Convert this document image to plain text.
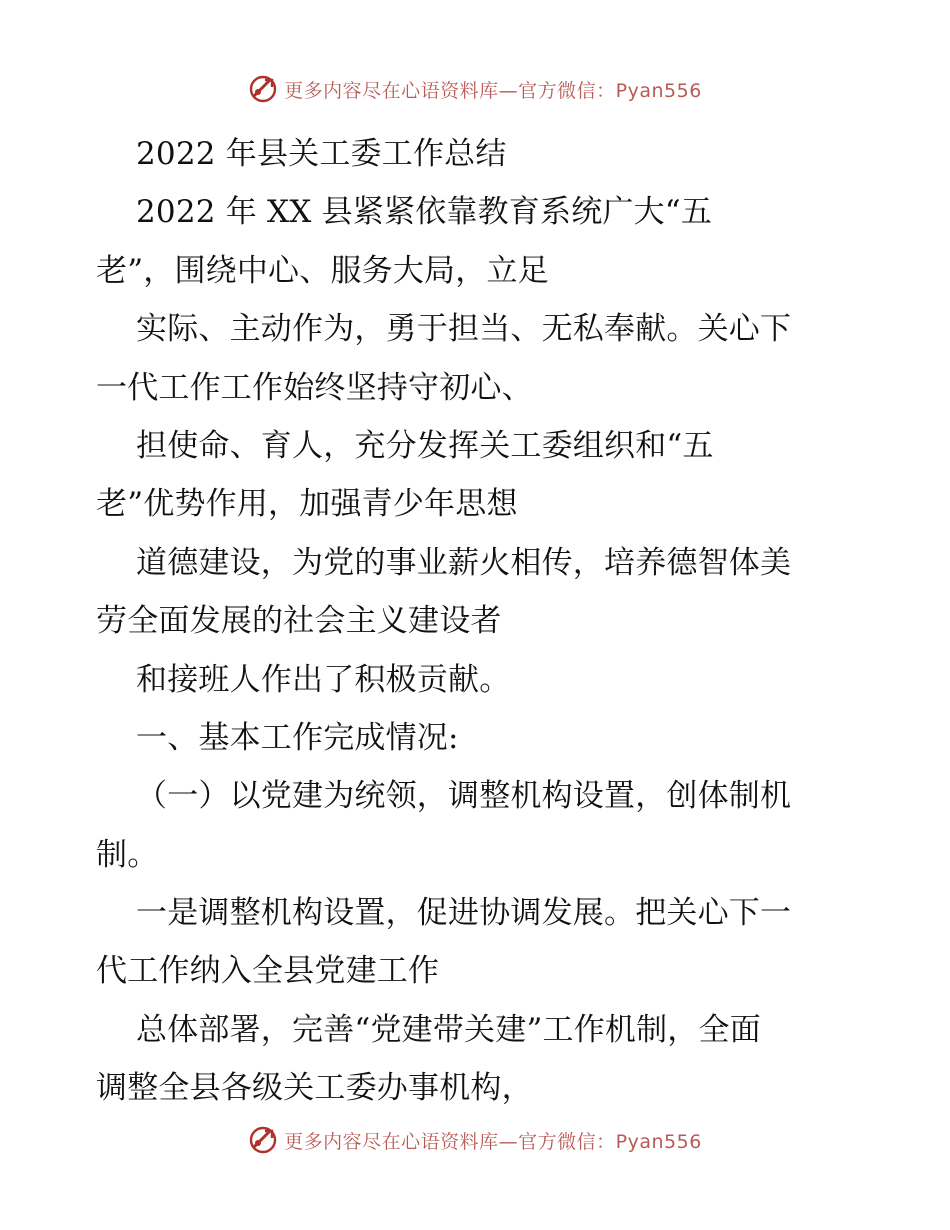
更多内容尽在心语资料库—官方微信：Pyan556
2022 年县关工委工作总结
2022 年 XX 县紧紧依靠教育系统广大“五
老”，围绕中心、服务大局，立足
实际、主动作为，勇于担当、无私奉献。关心下
一代工作工作始终坚持守初心、
担使命、育人，充分发挥关工委组织和“五
老”优势作用，加强青少年思想
道德建设，为党的事业薪火相传，培养德智体美
劳全面发展的社会主义建设者
和接班人作出了积极贡献。
一、基本工作完成情况:
（一）以党建为统领，调整机构设置，创体制机
制。
一是调整机构设置，促进协调发展。把关心下一
代工作纳入全县党建工作
总体部署，完善“党建带关建”工作机制，全面
调整全县各级关工委办事机构，
更多内容尽在心语资料库—官方微信：Pyan556
